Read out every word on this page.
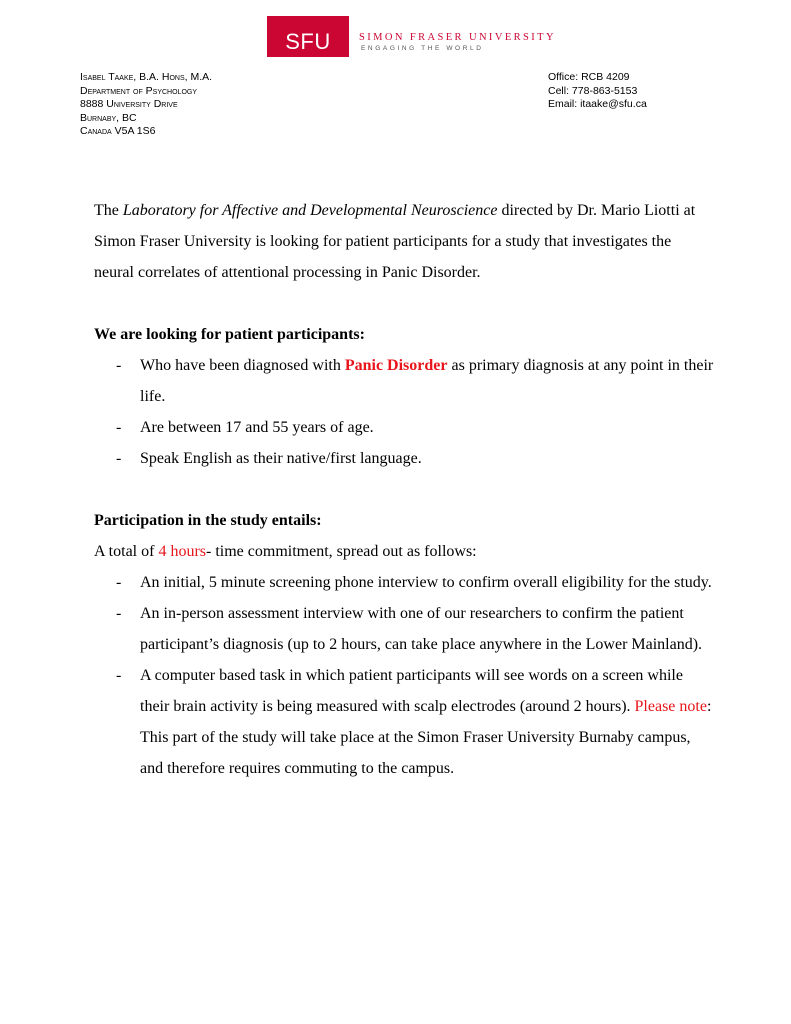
SFU	SIMON FRASER UNIVERSITY
ENGAGING THE WORLD
Isabel Taake, B.A. Hons, M.A.
Department of Psychology
8888 University Drive
Burnaby, BC
Canada V5A 1S6
Office: RCB 4209
Cell: 778-863-5153
Email: itaake@sfu.ca

The Laboratory for Affective and Developmental Neuroscience directed by Dr. Mario Liotti at Simon Fraser University is looking for patient participants for a study that investigates the neural correlates of attentional processing in Panic Disorder.

We are looking for patient participants:

- Who have been diagnosed with Panic Disorder as primary diagnosis at any point in their life.
- Are between 17 and 55 years of age.
- Speak English as their native/first language.

Participation in the study entails:

A total of 4 hours- time commitment, spread out as follows:

- An initial, 5 minute screening phone interview to confirm overall eligibility for the study.
- An in-person assessment interview with one of our researchers to confirm the patient participant’s diagnosis (up to 2 hours, can take place anywhere in the Lower Mainland).
- A computer based task in which patient participants will see words on a screen while their brain activity is being measured with scalp electrodes (around 2 hours). Please note: This part of the study will take place at the Simon Fraser University Burnaby campus, and therefore requires commuting to the campus.
